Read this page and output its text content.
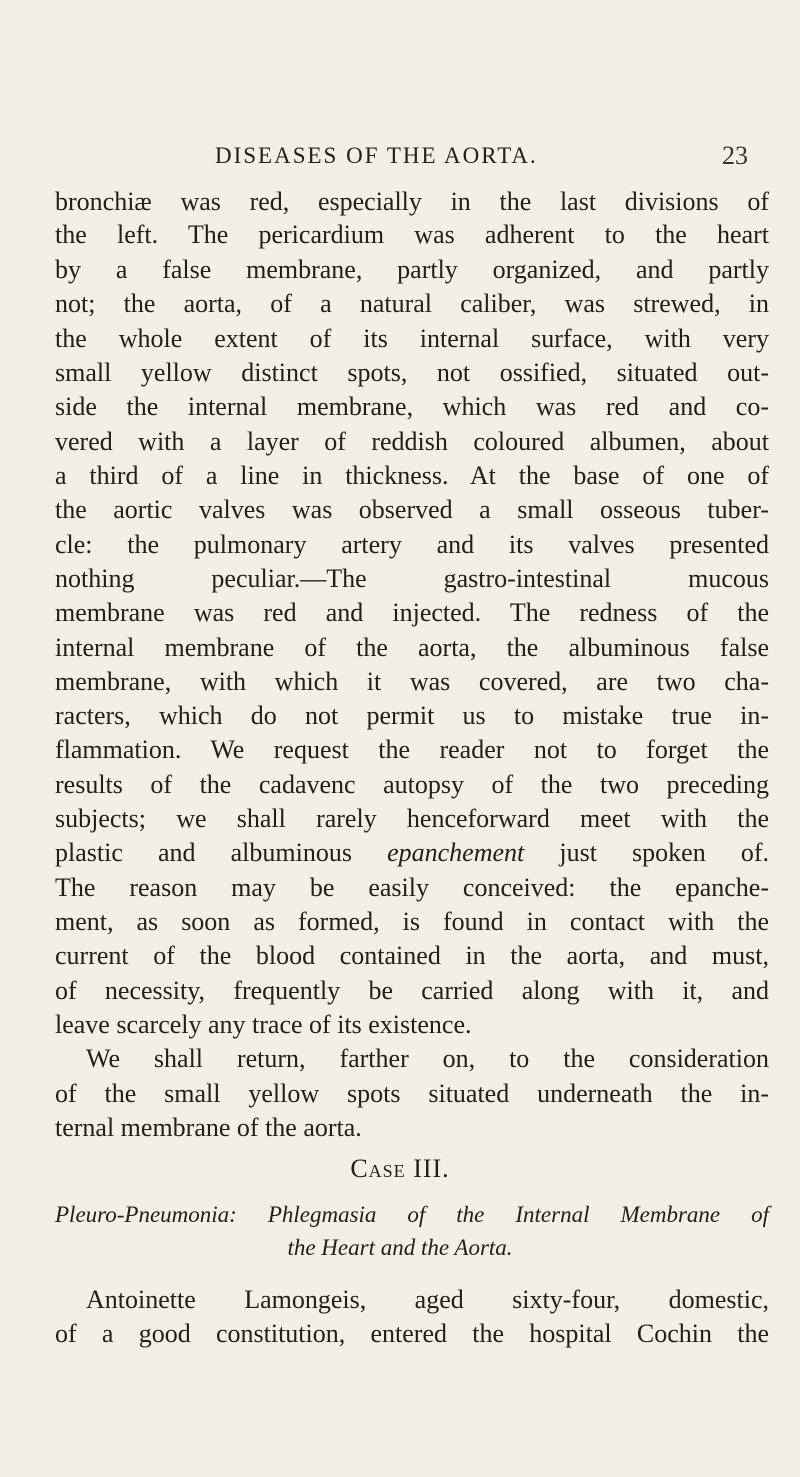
DISEASES OF THE AORTA.	23
bronchiæ was red, especially in the last divisions of
the left. The pericardium was adherent to the heart
by a false membrane, partly organized, and partly
not; the aorta, of a natural caliber, was strewed, in
the whole extent of its internal surface, with very
small yellow distinct spots, not ossified, situated out-
side the internal membrane, which was red and co-
vered with a layer of reddish coloured albumen, about
a third of a line in thickness. At the base of one of
the aortic valves was observed a small osseous tuber-
cle: the pulmonary artery and its valves presented
nothing peculiar.—The gastro-intestinal mucous
membrane was red and injected. The redness of the
internal membrane of the aorta, the albuminous false
membrane, with which it was covered, are two cha-
racters, which do not permit us to mistake true in-
flammation. We request the reader not to forget the
results of the cadavenc autopsy of the two preceding
subjects; we shall rarely henceforward meet with the
plastic and albuminous epanchement just spoken of.
The reason may be easily conceived: the epanche-
ment, as soon as formed, is found in contact with the
current of the blood contained in the aorta, and must,
of necessity, frequently be carried along with it, and
leave scarcely any trace of its existence.
We shall return, farther on, to the consideration
of the small yellow spots situated underneath the in-
ternal membrane of the aorta.
Case III.
Pleuro-Pneumonia: Phlegmasia of the Internal Membrane of
the Heart and the Aorta.
Antoinette Lamongeis, aged sixty-four, domestic,
of a good constitution, entered the hospital Cochin the
